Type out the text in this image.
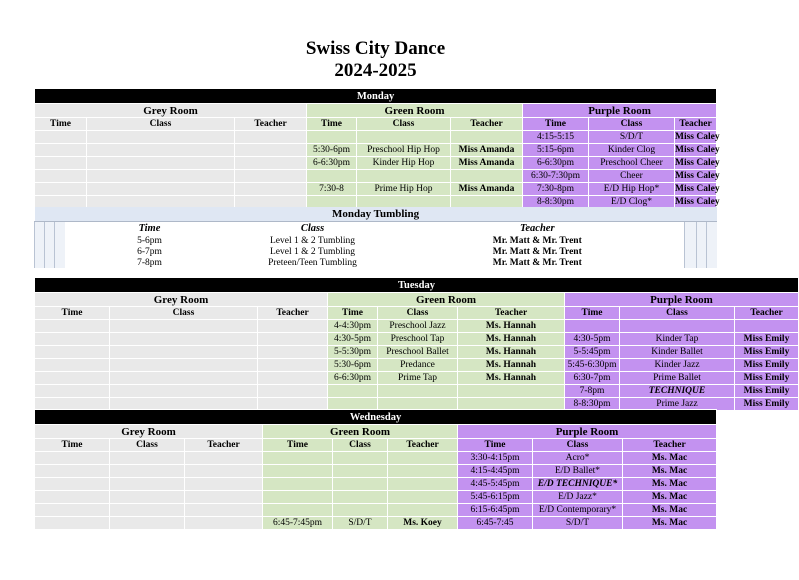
Swiss City Dance
2024-2025
Monday								
Grey Room			Green Room			Purple Room		
Time	Class	Teacher	Time	Class	Teacher	Time	Class	Teacher
						4:15-5:15	S/D/T	Miss Caley
			5:30-6pm	Preschool Hip Hop	Miss Amanda	5:15-6pm	Kinder Clog	Miss Caley
			6-6:30pm	Kinder Hip Hop	Miss Amanda	6-6:30pm	Preschool Cheer	Miss Caley
						6:30-7:30pm	Cheer	Miss Caley
			7:30-8	Prime Hip Hop	Miss Amanda	7:30-8pm	E/D Hip Hop*	Miss Caley
						8-8:30pm	E/D Clog*	Miss Caley
Monday Tumbling								
			Time	Class	Teacher			
			5-6pm	Level 1 & 2 Tumbling	Mr. Matt & Mr. Trent			
			6-7pm	Level 1 & 2 Tumbling	Mr. Matt & Mr. Trent			
			7-8pm	Preteen/Teen Tumbling	Mr. Matt & Mr. Trent			
Tuesday								
Grey Room			Green Room			Purple Room		
Time	Class	Teacher	Time	Class	Teacher	Time	Class	Teacher
			4-4:30pm	Preschool Jazz	Ms. Hannah			
			4:30-5pm	Preschool Tap	Ms. Hannah	4:30-5pm	Kinder Tap	Miss Emily
			5-5:30pm	Preschool Ballet	Ms. Hannah	5-5:45pm	Kinder Ballet	Miss Emily
			5:30-6pm	Predance	Ms. Hannah	5:45-6:30pm	Kinder Jazz	Miss Emily
			6-6:30pm	Prime Tap	Ms. Hannah	6:30-7pm	Prime Ballet	Miss Emily
						7-8pm	TECHNIQUE	Miss Emily
						8-8:30pm	Prime Jazz	Miss Emily
Wednesday								
Grey Room			Green Room			Purple Room		
Time	Class	Teacher	Time	Class	Teacher	Time	Class	Teacher
						3:30-4:15pm	Acro*	Ms. Mac
						4:15-4:45pm	E/D Ballet*	Ms. Mac
						4:45-5:45pm	E/D TECHNIQUE*	Ms. Mac
						5:45-6:15pm	E/D Jazz*	Ms. Mac
						6:15-6:45pm	E/D Contemporary*	Ms. Mac
			6:45-7:45pm	S/D/T	Ms. Koey	6:45-7:45	S/D/T	Ms. Mac
